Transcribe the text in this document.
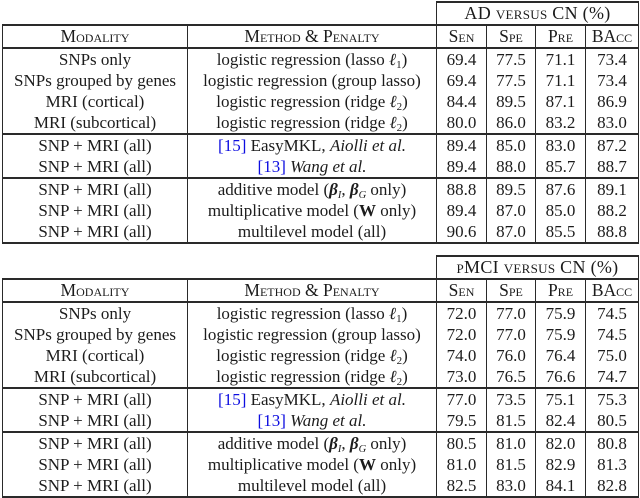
		AD versus CN (%)			
Modality	Method & Penalty	Sen	Spe	Pre	BAcc
SNPs only	logistic regression (lasso ℓ1)	69.4	77.5	71.1	73.4
SNPs grouped by genes	logistic regression (group lasso)	69.4	77.5	71.1	73.4
MRI (cortical)	logistic regression (ridge ℓ2)	84.4	89.5	87.1	86.9
MRI (subcortical)	logistic regression (ridge ℓ2)	80.0	86.0	83.2	83.0
SNP + MRI (all)	[15] EasyMKL, Aiolli et al.	89.4	85.0	83.0	87.2
SNP + MRI (all)	[13] Wang et al.	89.4	88.0	85.7	88.7
SNP + MRI (all)	additive model (βI, βG only)	88.8	89.5	87.6	89.1
SNP + MRI (all)	multiplicative model (W only)	89.4	87.0	85.0	88.2
SNP + MRI (all)	multilevel model (all)	90.6	87.0	85.5	88.8
		pMCI versus CN (%)			
Modality	Method & Penalty	Sen	Spe	Pre	BAcc
SNPs only	logistic regression (lasso ℓ1)	72.0	77.0	75.9	74.5
SNPs grouped by genes	logistic regression (group lasso)	72.0	77.0	75.9	74.5
MRI (cortical)	logistic regression (ridge ℓ2)	74.0	76.0	76.4	75.0
MRI (subcortical)	logistic regression (ridge ℓ2)	73.0	76.5	76.6	74.7
SNP + MRI (all)	[15] EasyMKL, Aiolli et al.	77.0	73.5	75.1	75.3
SNP + MRI (all)	[13] Wang et al.	79.5	81.5	82.4	80.5
SNP + MRI (all)	additive model (βI, βG only)	80.5	81.0	82.0	80.8
SNP + MRI (all)	multiplicative model (W only)	81.0	81.5	82.9	81.3
SNP + MRI (all)	multilevel model (all)	82.5	83.0	84.1	82.8
